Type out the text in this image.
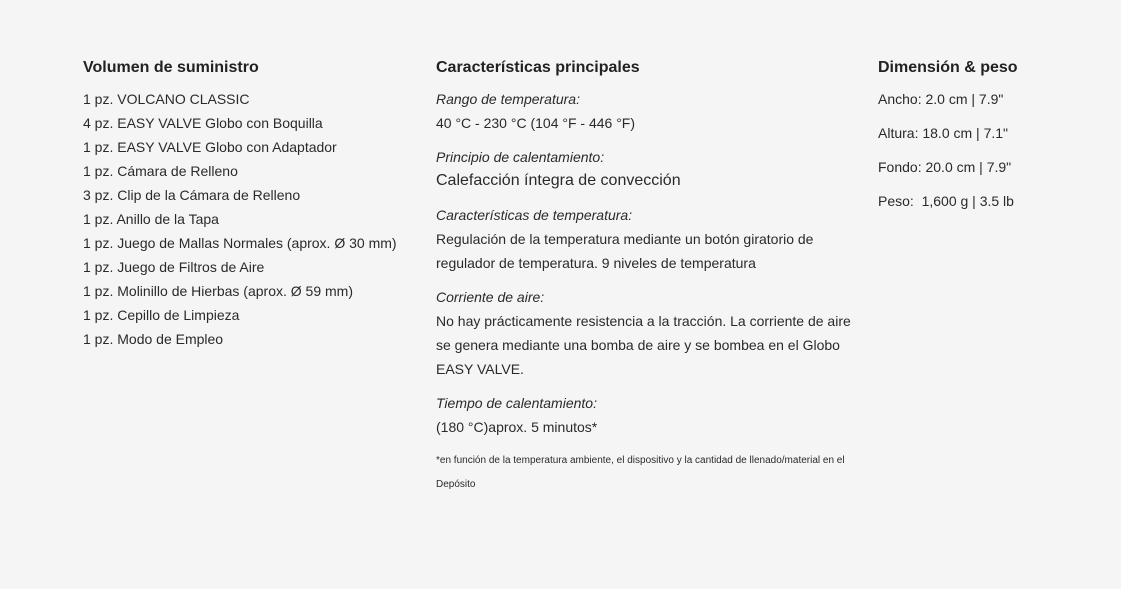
Volumen de suministro
1 pz. VOLCANO CLASSIC
4 pz. EASY VALVE Globo con Boquilla
1 pz. EASY VALVE Globo con Adaptador
1 pz. Cámara de Relleno
3 pz. Clip de la Cámara de Relleno
1 pz. Anillo de la Tapa
1 pz. Juego de Mallas Normales (aprox. Ø 30 mm)
1 pz. Juego de Filtros de Aire
1 pz. Molinillo de Hierbas (aprox. Ø 59 mm)
1 pz. Cepillo de Limpieza
1 pz. Modo de Empleo
Características principales
Rango de temperatura:
40 °C - 230 °C (104 °F - 446 °F)
Principio de calentamiento:
Calefacción íntegra de convección
Características de temperatura:
Regulación de la temperatura mediante un botón giratorio de regulador de temperatura. 9 niveles de temperatura
Corriente de aire:
No hay prácticamente resistencia a la tracción. La corriente de aire se genera mediante una bomba de aire y se bombea en el Globo EASY VALVE.
Tiempo de calentamiento:
(180 °C)aprox. 5 minutos*
*en función de la temperatura ambiente, el dispositivo y la cantidad de llenado/material en el Depósito
Dimensión & peso
Ancho: 2.0 cm | 7.9"
Altura: 18.0 cm | 7.1"
Fondo: 20.0 cm | 7.9"
Peso:  1,600 g | 3.5 lb
